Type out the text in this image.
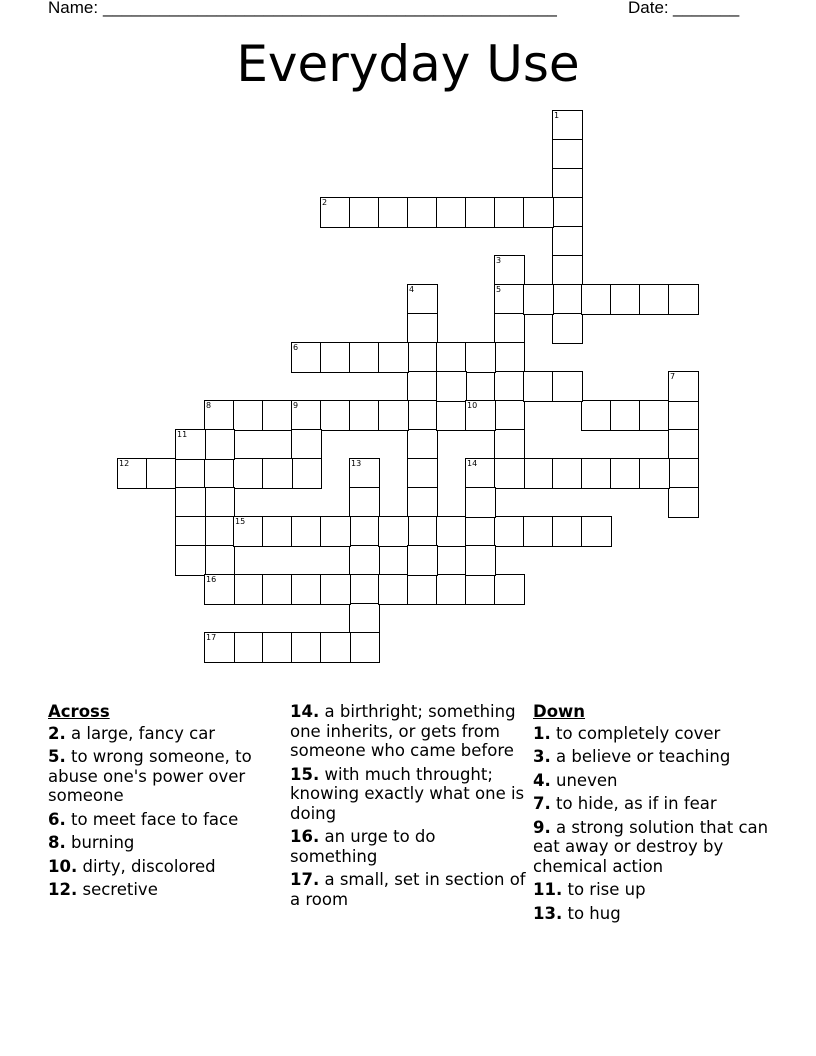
Name: ________________________________________________	Date: _______
Everyday Use
1
2
3
5
4
6
8	9
7
12	13	14
15
11
10
16
17
Across
2. a large, fancy car
5. to wrong someone, to abuse one's power over someone
6. to meet face to face
8. burning
10. dirty, discolored
12. secretive
14. a birthright; something one inherits, or gets from someone who came before
15. with much throught; knowing exactly what one is doing
16. an urge to do something
17. a small, set in section of a room
Down
1. to completely cover
3. a believe or teaching
4. uneven
7. to hide, as if in fear
9. a strong solution that can eat away or destroy by chemical action
11. to rise up
13. to hug
